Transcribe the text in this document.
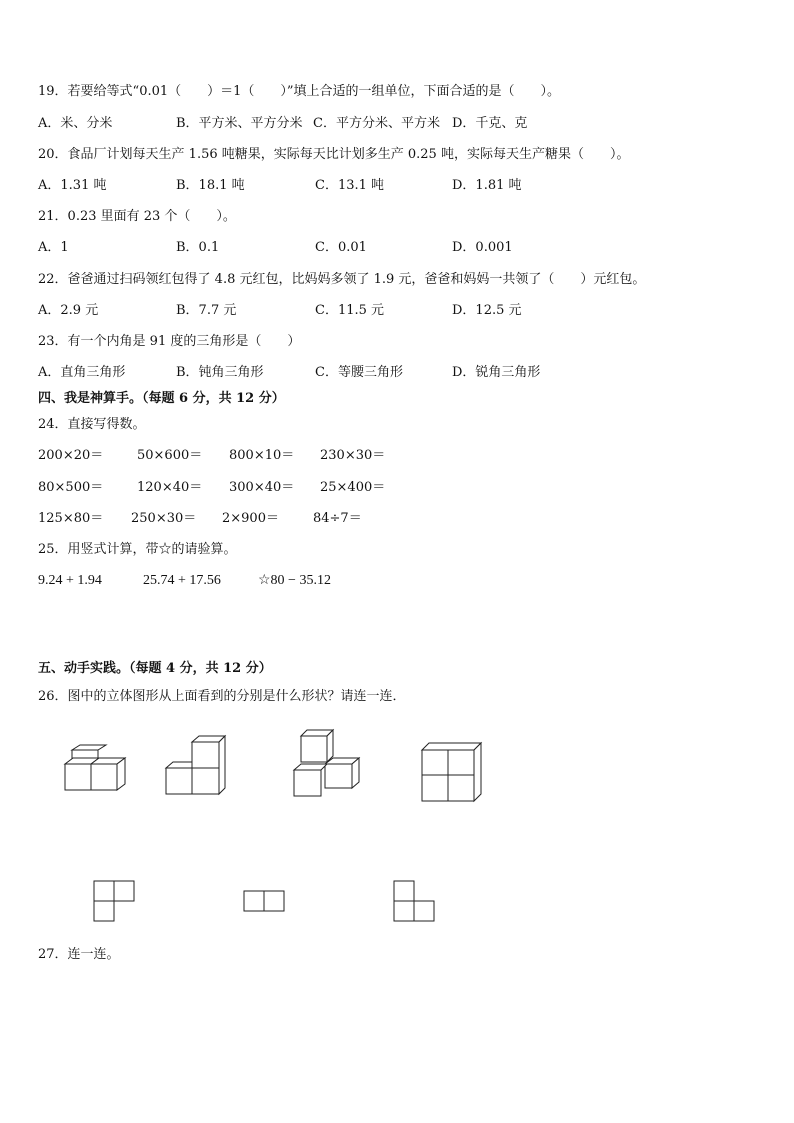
19．若要给等式“0.01（　　）＝1（　　）”填上合适的一组单位，下面合适的是（　　）。
A．米、分米	B．平方米、平方分米 C．平方分米、平方米 D．千克、克
20．食品厂计划每天生产 1.56 吨糖果，实际每天比计划多生产 0.25 吨，实际每天生产糖果（　　）。
A．1.31 吨	B．18.1 吨	C．13.1 吨	D．1.81 吨
21．0.23 里面有 23 个（　　）。
A．1	B．0.1	C．0.01	D．0.001
22．爸爸通过扫码领红包得了 4.8 元红包，比妈妈多领了 1.9 元，爸爸和妈妈一共领了（　　）元红包。
A．2.9 元	B．7.7 元	C．11.5 元	D．12.5 元
23．有一个内角是 91 度的三角形是（　　）
A．直角三角形	B．钝角三角形	C．等腰三角形	D．锐角三角形
四、我是神算手。（每题 6 分，共 12 分）
24．直接写得数。
200×20＝	50×600＝ 800×10＝ 230×30＝
80×500＝	120×40＝ 300×40＝ 25×400＝
125×80＝ 250×30＝ 2×900＝	84÷7＝
25．用竖式计算，带☆的请验算。
9.24 + 1.94	25.74 + 17.56	☆80 − 35.12
五、动手实践。（每题 4 分，共 12 分）
26．图中的立体图形从上面看到的分别是什么形状？请连一连．
27．连一连。
